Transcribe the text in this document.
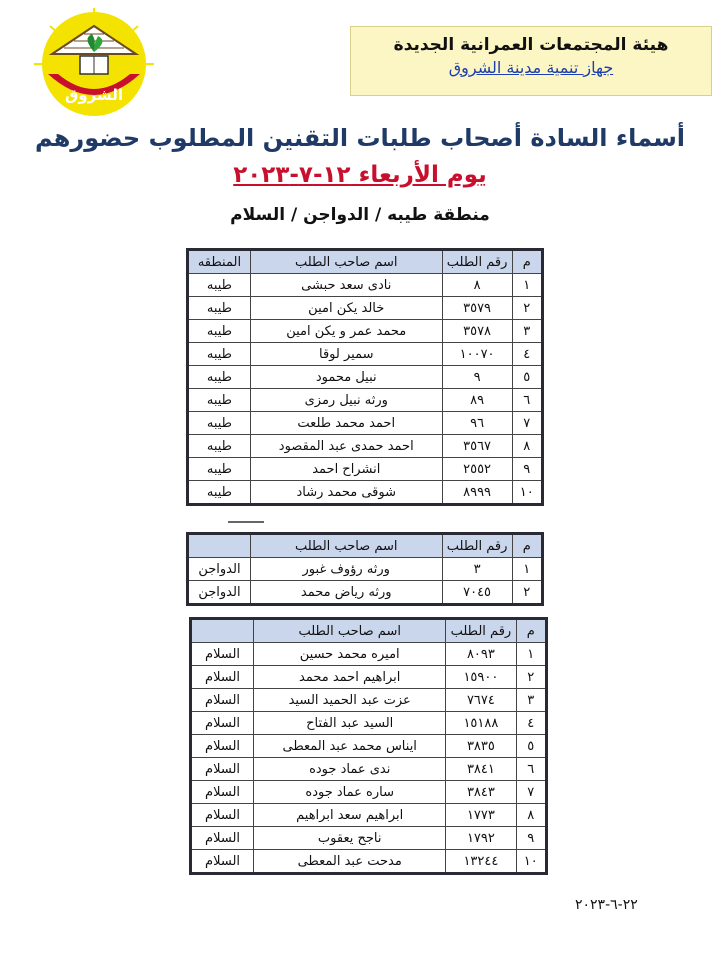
الشروق
هيئة المجتمعات العمرانية الجديدة
جهاز تنمية مدينة الشروق
أسماء السادة أصحاب طلبات التقنين المطلوب حضورهم
يوم الأربعاء ١٢-٧-٢٠٢٣
منطقة طيبه / الدواجن / السلام
م	رقم الطلب	اسم صاحب الطلب	المنطقه
١	٨	نادى سعد حبشى	طيبه
٢	٣٥٧٩	خالد يكن امين	طيبه
٣	٣٥٧٨	محمد عمر و يكن امين	طيبه
٤	١٠٠٧٠	سمير لوقا	طيبه
٥	٩	نبيل محمود	طيبه
٦	٨٩	ورثه نبيل رمزى	طيبه
٧	٩٦	احمد محمد طلعت	طيبه
٨	٣٥٦٧	احمد حمدى عبد المقصود	طيبه
٩	٢٥٥٢	انشراح احمد	طيبه
١٠	٨٩٩٩	شوقى محمد رشاد	طيبه
م	رقم الطلب	اسم صاحب الطلب	
١	٣	ورثه رؤوف غبور	الدواجن
٢	٧٠٤٥	ورثه رياض محمد	الدواجن
م	رقم الطلب	اسم صاحب الطلب	
١	٨٠٩٣	اميره محمد حسين	السلام
٢	١٥٩٠٠	ابراهيم احمد محمد	السلام
٣	٧٦٧٤	عزت عبد الحميد السيد	السلام
٤	١٥١٨٨	السيد عبد الفتاح	السلام
٥	٣٨٣٥	ايناس محمد عبد المعطى	السلام
٦	٣٨٤١	ندى عماد جوده	السلام
٧	٣٨٤٣	ساره عماد جوده	السلام
٨	١٧٧٣	ابراهيم سعد ابراهيم	السلام
٩	١٧٩٢	ناجح يعقوب	السلام
١٠	١٣٢٤٤	مدحت عبد المعطى	السلام
٢٢-٦-٢٠٢٣
